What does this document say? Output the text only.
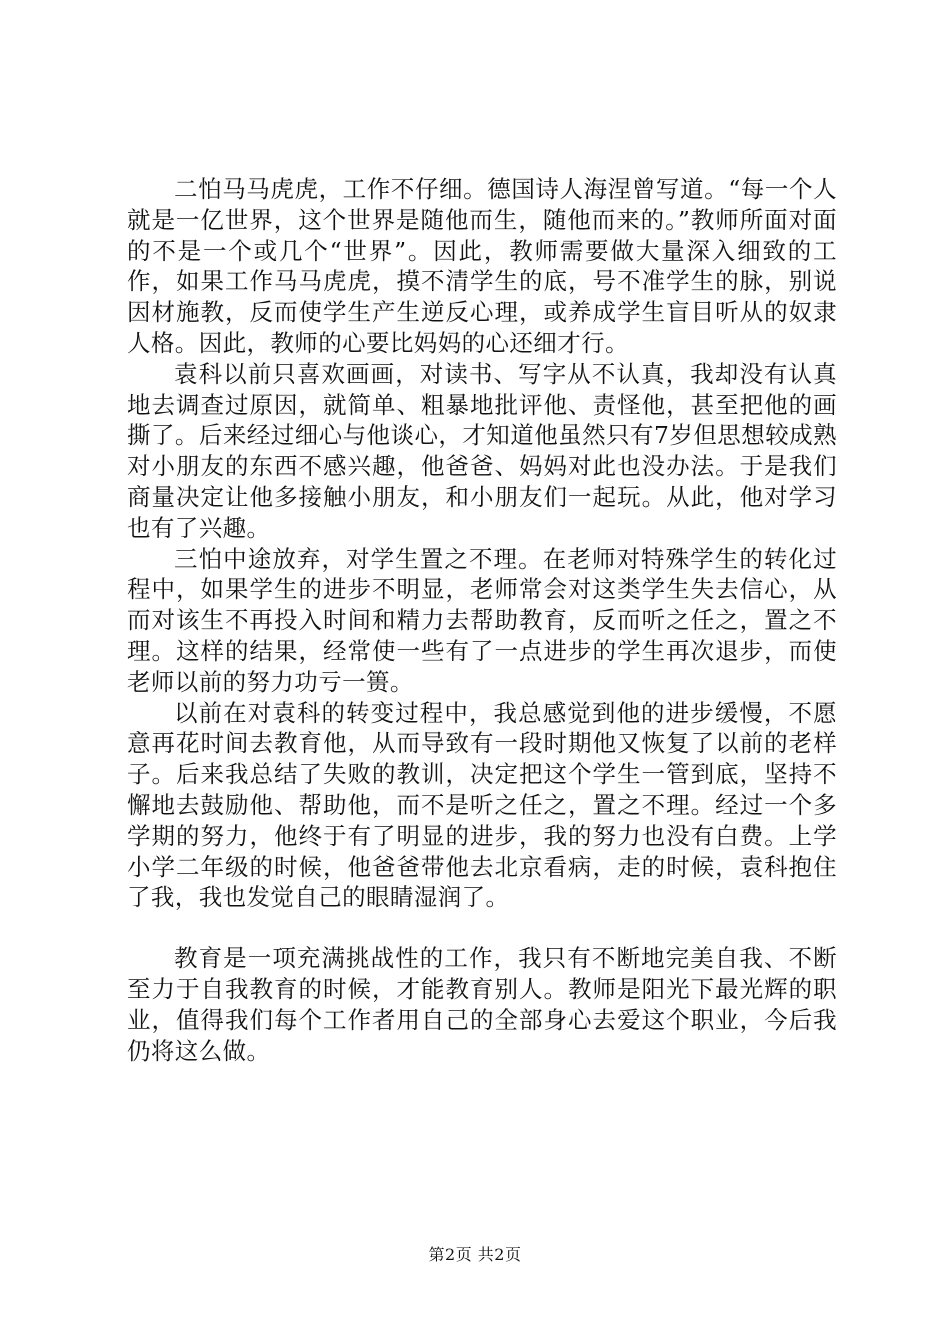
二怕马马虎虎，工作不仔细。德国诗人海涅曾写道。“每一个人就是一亿世界，这个世界是随他而生，随他而来的。”教师所面对面的不是一个或几个“世界”。因此，教师需要做大量深入细致的工作，如果工作马马虎虎，摸不清学生的底，号不准学生的脉，别说因材施教，反而使学生产生逆反心理，或养成学生盲目听从的奴隶人格。因此，教师的心要比妈妈的心还细才行。

袁科以前只喜欢画画，对读书、写字从不认真，我却没有认真地去调查过原因，就简单、粗暴地批评他、责怪他，甚至把他的画撕了。后来经过细心与他谈心，才知道他虽然只有7岁但思想较成熟对小朋友的东西不感兴趣，他爸爸、妈妈对此也没办法。于是我们商量决定让他多接触小朋友，和小朋友们一起玩。从此，他对学习也有了兴趣。

三怕中途放弃，对学生置之不理。在老师对特殊学生的转化过程中，如果学生的进步不明显，老师常会对这类学生失去信心，从而对该生不再投入时间和精力去帮助教育，反而听之任之，置之不理。这样的结果，经常使一些有了一点进步的学生再次退步，而使老师以前的努力功亏一篑。

以前在对袁科的转变过程中，我总感觉到他的进步缓慢，不愿意再花时间去教育他，从而导致有一段时期他又恢复了以前的老样子。后来我总结了失败的教训，决定把这个学生一管到底，坚持不懈地去鼓励他、帮助他，而不是听之任之，置之不理。经过一个多学期的努力，他终于有了明显的进步，我的努力也没有白费。上学小学二年级的时候，他爸爸带他去北京看病，走的时候，袁科抱住了我，我也发觉自己的眼睛湿润了。

教育是一项充满挑战性的工作，我只有不断地完美自我、不断至力于自我教育的时候，才能教育别人。教师是阳光下最光辉的职业，值得我们每个工作者用自己的全部身心去爱这个职业，今后我仍将这么做。

第2页 共2页
